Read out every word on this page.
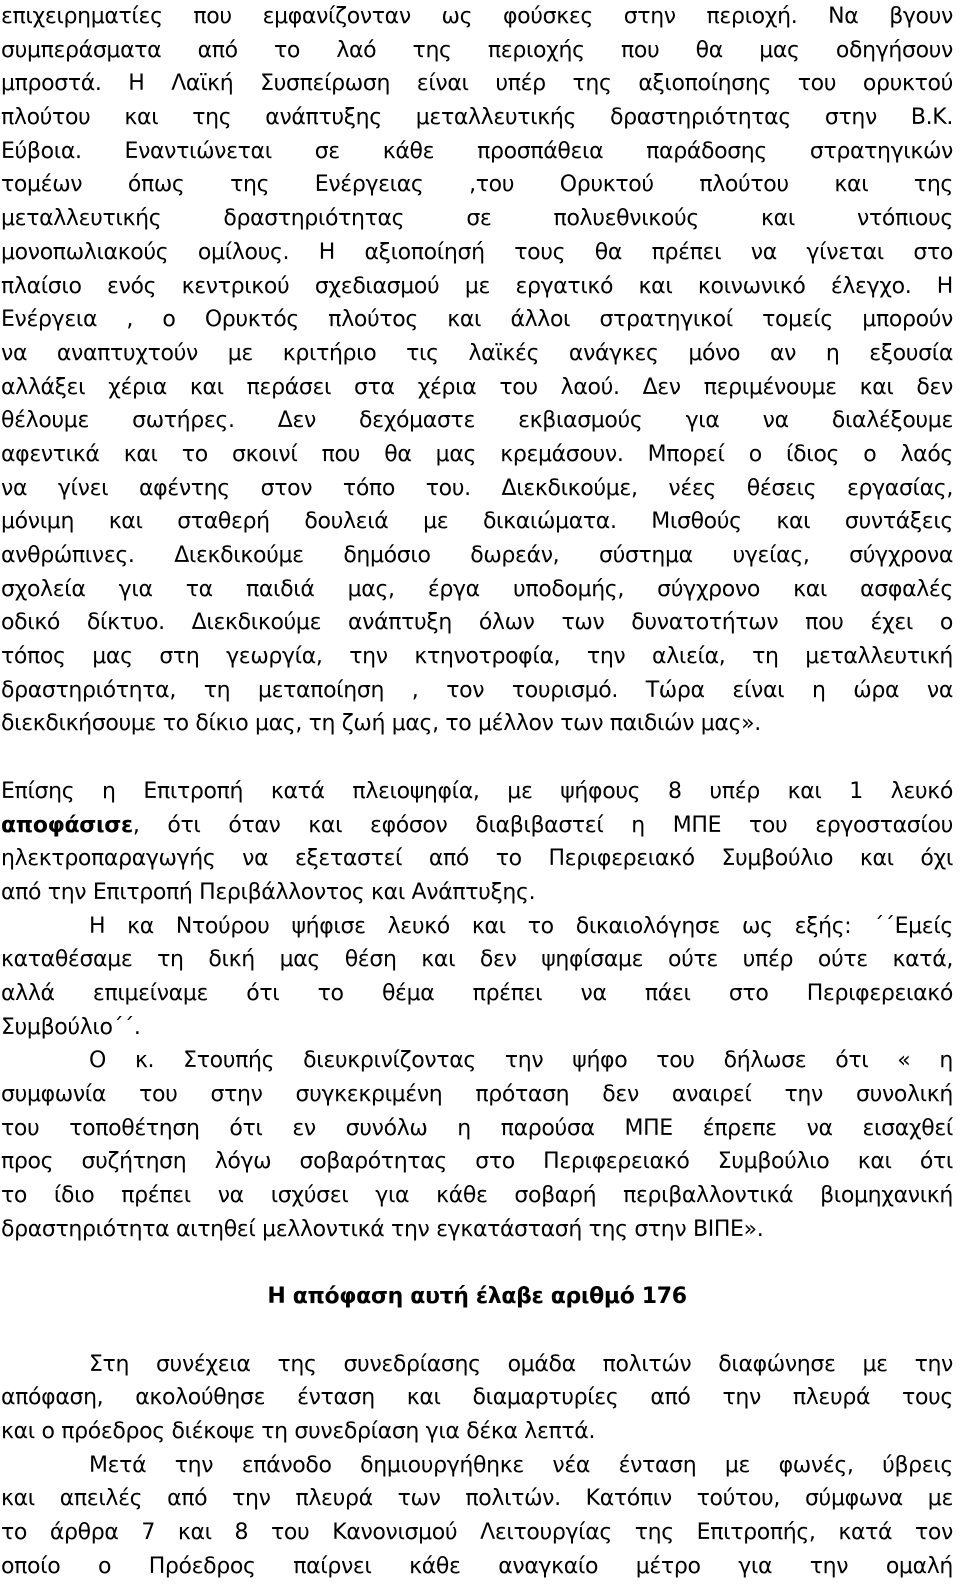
επιχειρηματίες που εμφανίζονταν ως φούσκες στην περιοχή. Να βγουν
συμπεράσματα από το λαό της περιοχής που θα μας οδηγήσουν
μπροστά. Η Λαϊκή Συσπείρωση είναι υπέρ της αξιοποίησης του ορυκτού
πλούτου και της ανάπτυξης μεταλλευτικής δραστηριότητας στην Β.Κ.
Εύβοια. Εναντιώνεται σε κάθε προσπάθεια παράδοσης στρατηγικών
τομέων όπως της Ενέργειας ,του Ορυκτού πλούτου και της
μεταλλευτικής δραστηριότητας σε πολυεθνικούς και ντόπιους
μονοπωλιακούς ομίλους. Η αξιοποίησή τους θα πρέπει να γίνεται στο
πλαίσιο ενός κεντρικού σχεδιασμού με εργατικό και κοινωνικό έλεγχο. Η
Ενέργεια , ο Ορυκτός πλούτος και άλλοι στρατηγικοί τομείς μπορούν
να αναπτυχτούν με κριτήριο τις λαϊκές ανάγκες μόνο αν η εξουσία
αλλάξει χέρια και περάσει στα χέρια του λαού. Δεν περιμένουμε και δεν
θέλουμε σωτήρες. Δεν δεχόμαστε εκβιασμούς για να διαλέξουμε
αφεντικά και το σκοινί που θα μας κρεμάσουν. Μπορεί ο ίδιος ο λαός
να γίνει αφέντης στον τόπο του. Διεκδικούμε, νέες θέσεις εργασίας,
μόνιμη και σταθερή δουλειά με δικαιώματα. Μισθούς και συντάξεις
ανθρώπινες. Διεκδικούμε δημόσιο δωρεάν, σύστημα υγείας, σύγχρονα
σχολεία για τα παιδιά μας, έργα υποδομής, σύγχρονο και ασφαλές
οδικό δίκτυο. Διεκδικούμε ανάπτυξη όλων των δυνατοτήτων που έχει ο
τόπος μας στη γεωργία, την κτηνοτροφία, την αλιεία, τη μεταλλευτική
δραστηριότητα, τη μεταποίηση , τον τουρισμό. Τώρα είναι η ώρα να
διεκδικήσουμε το δίκιο μας, τη ζωή μας, το μέλλον των παιδιών μας».
Επίσης η Επιτροπή κατά πλειοψηφία, με ψήφους 8 υπέρ και 1 λευκό
αποφάσισε, ότι όταν και εφόσον διαβιβαστεί η ΜΠΕ του εργοστασίου
ηλεκτροπαραγωγής να εξεταστεί από το Περιφερειακό Συμβούλιο και όχι
από την Επιτροπή Περιβάλλοντος και Ανάπτυξης.
Η κα Ντούρου ψήφισε λευκό και το δικαιολόγησε ως εξής: ΄΄Εμείς
καταθέσαμε τη δική μας θέση και δεν ψηφίσαμε ούτε υπέρ ούτε κατά,
αλλά επιμείναμε ότι το θέμα πρέπει να πάει στο Περιφερειακό
Συμβούλιο΄΄.
Ο κ. Στουπής διευκρινίζοντας την ψήφο του δήλωσε ότι « η
συμφωνία του στην συγκεκριμένη πρόταση δεν αναιρεί την συνολική
του τοποθέτηση ότι εν συνόλω η παρούσα ΜΠΕ έπρεπε να εισαχθεί
προς συζήτηση λόγω σοβαρότητας στο Περιφερειακό Συμβούλιο και ότι
το ίδιο πρέπει να ισχύσει για κάθε σοβαρή περιβαλλοντικά βιομηχανική
δραστηριότητα αιτηθεί μελλοντικά την εγκατάστασή της στην ΒΙΠΕ».
Η απόφαση αυτή έλαβε αριθμό 176
Στη συνέχεια της συνεδρίασης ομάδα πολιτών διαφώνησε με την
απόφαση, ακολούθησε ένταση και διαμαρτυρίες από την πλευρά τους
και ο πρόεδρος διέκοψε τη συνεδρίαση για δέκα λεπτά.
Μετά την επάνοδο δημιουργήθηκε νέα ένταση με φωνές, ύβρεις
και απειλές από την πλευρά των πολιτών. Κατόπιν τούτου, σύμφωνα με
το άρθρα 7 και 8 του Κανονισμού Λειτουργίας της Επιτροπής, κατά τον
οποίο ο Πρόεδρος παίρνει κάθε αναγκαίο μέτρο για την ομαλή
